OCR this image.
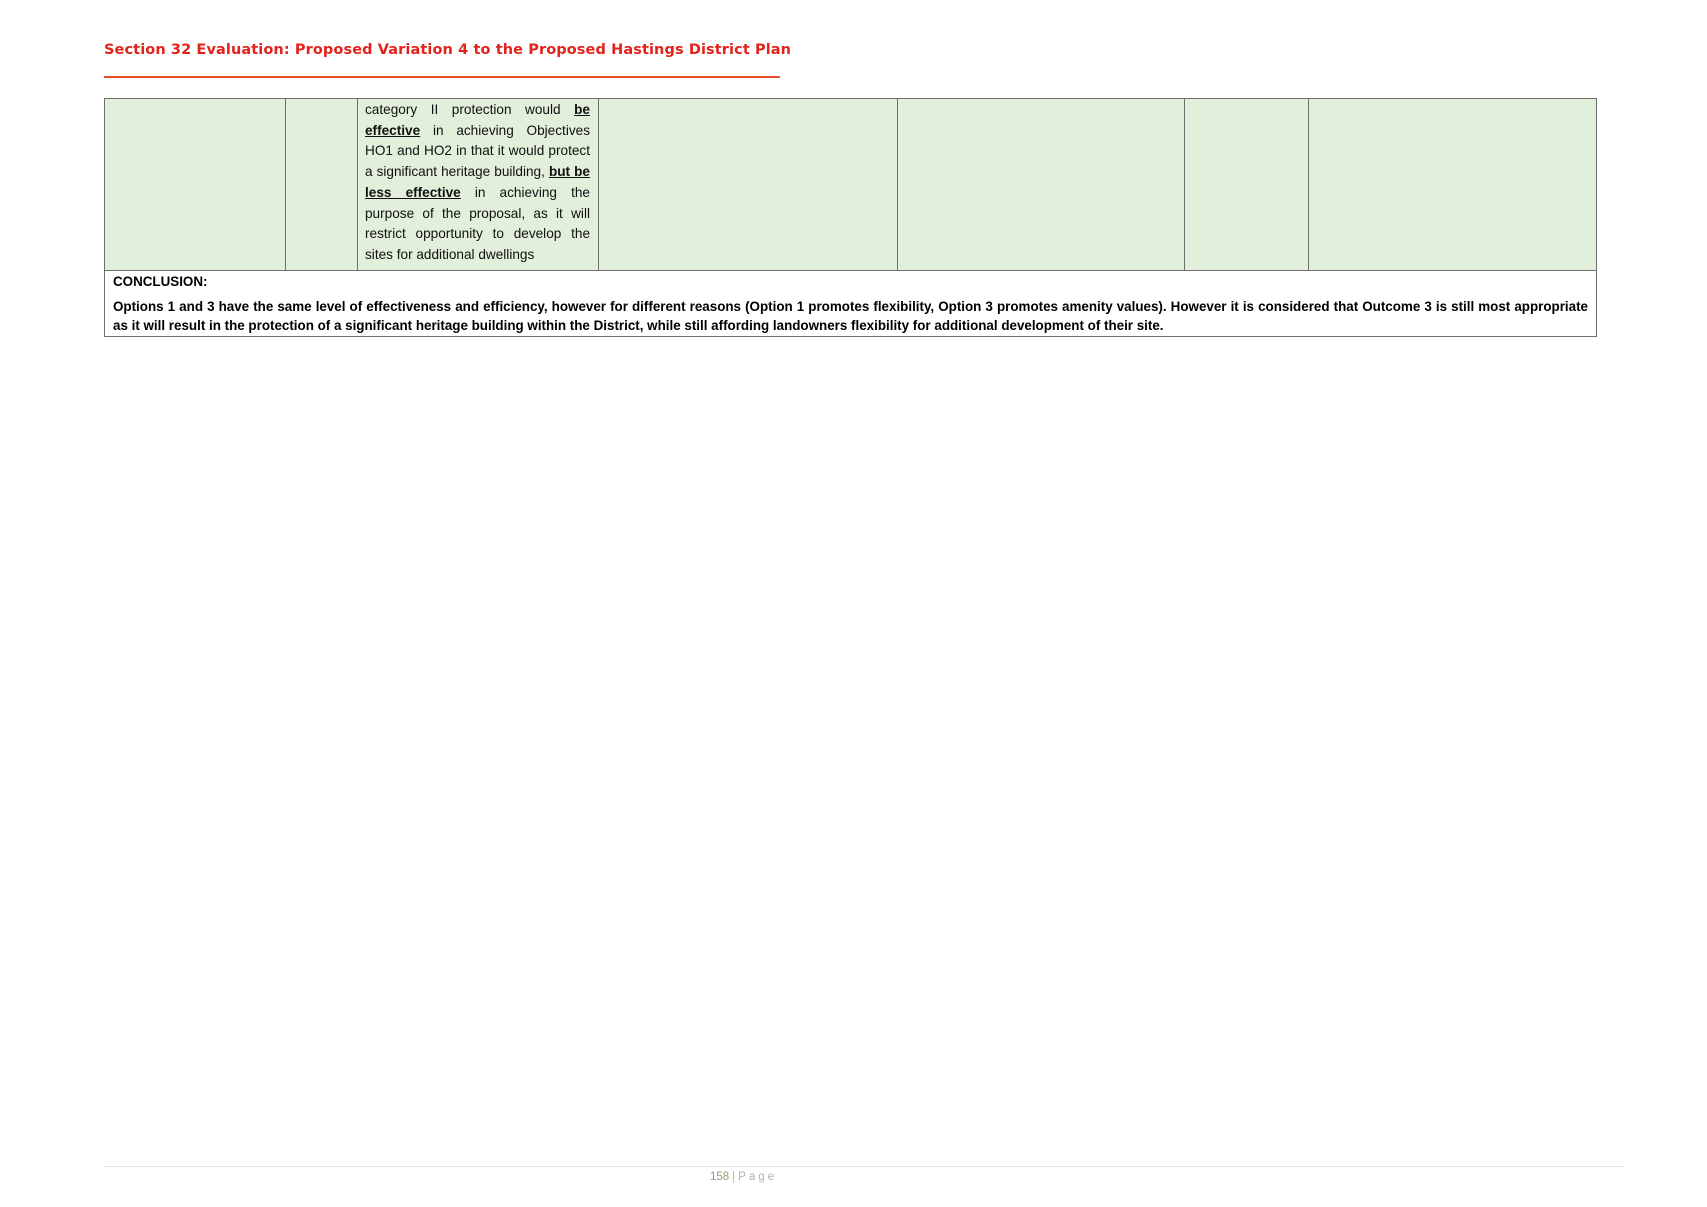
Section 32 Evaluation: Proposed Variation 4 to the Proposed Hastings District Plan
		category II protection would be effective in achieving Objectives HO1 and HO2 in that it would protect a significant heritage building, but be less effective in achieving the purpose of the proposal, as it will restrict opportunity to develop the sites for additional dwellings				

CONCLUSION:
Options 1 and 3 have the same level of effectiveness and efficiency, however for different reasons (Option 1 promotes flexibility, Option 3 promotes amenity values). However it is considered that Outcome 3 is still most appropriate as it will result in the protection of a significant heritage building within the District, while still affording landowners flexibility for additional development of their site.
158 | Page
